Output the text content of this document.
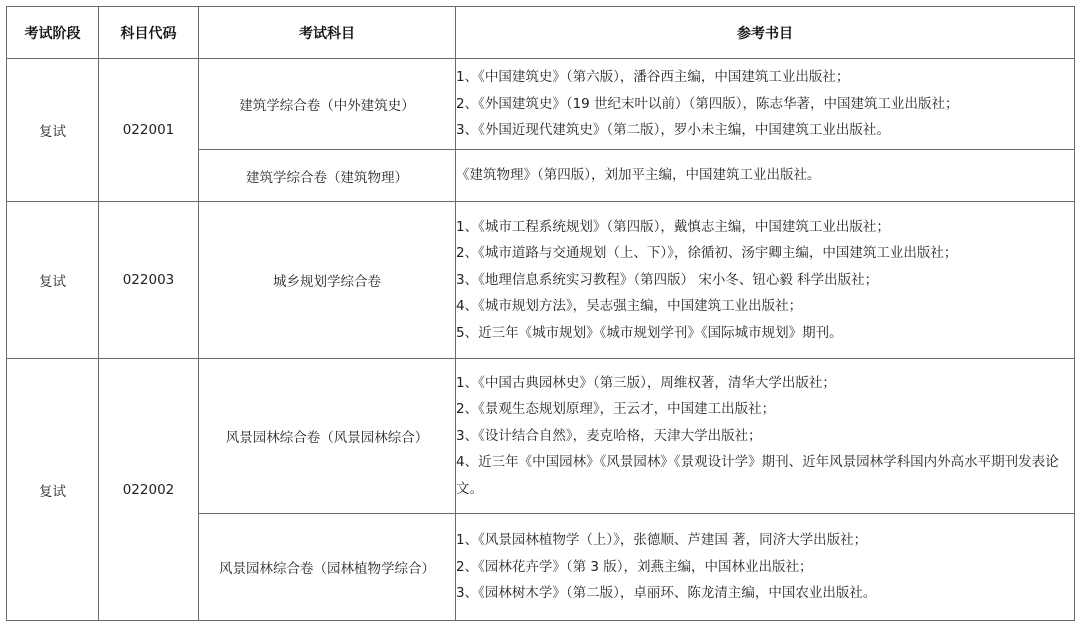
考试阶段	科目代码	考试科目	参考书目
复试	022001	建筑学综合卷（中外建筑史）	1、《中国建筑史》（第六版），潘谷西主编，中国建筑工业出版社；
2、《外国建筑史》（19 世纪末叶以前）（第四版），陈志华著，中国建筑工业出版社；
3、《外国近现代建筑史》（第二版），罗小未主编，中国建筑工业出版社。

		建筑学综合卷（建筑物理）	《建筑物理》（第四版），刘加平主编，中国建筑工业出版社。

复试	022003	城乡规划学综合卷	1、《城市工程系统规划》（第四版），戴慎志主编，中国建筑工业出版社；
2、《城市道路与交通规划（上、下）》，徐循初、汤宇卿主编，中国建筑工业出版社；
3、《地理信息系统实习教程》（第四版） 宋小冬、钮心毅 科学出版社；
4、《城市规划方法》，吴志强主编，中国建筑工业出版社；
5、近三年《城市规划》《城市规划学刊》《国际城市规划》期刊。

复试	022002	风景园林综合卷（风景园林综合）	1、《中国古典园林史》（第三版），周维权著，清华大学出版社；
2、《景观生态规划原理》，王云才，中国建工出版社；
3、《设计结合自然》，麦克哈格，天津大学出版社；
4、近三年《中国园林》《风景园林》《景观设计学》期刊、近年风景园林学科国内外高水平期刊发表论文。

		风景园林综合卷（园林植物学综合）	1、《风景园林植物学（上）》，张德顺、芦建国 著，同济大学出版社；
2、《园林花卉学》（第 3 版），刘燕主编，中国林业出版社；
3、《园林树木学》（第二版），卓丽环、陈龙清主编，中国农业出版社。
